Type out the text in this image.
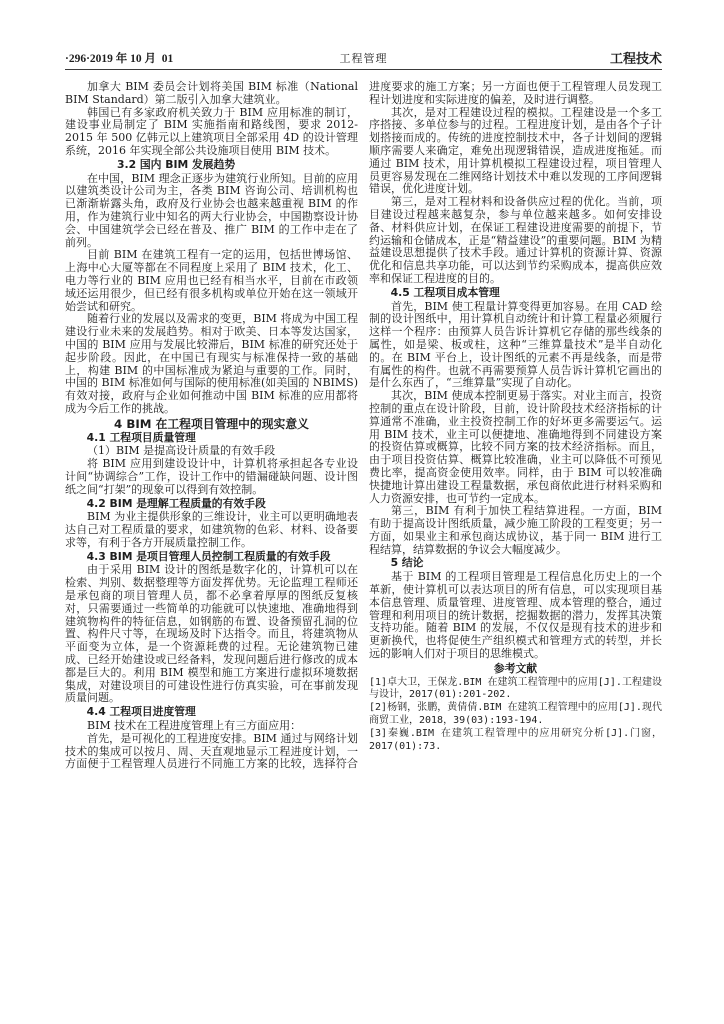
·296·2019 年 10 月  01	工程管理	工程技术

加拿大 BIM 委员会计划将美国 BIM 标准（National BIM Standard）第二版引入加拿大建筑业。

韩国已有多家政府机关致力于 BIM 应用标准的制订，建设事业局制定了 BIM 实施指南和路线图，要求 2012-2015 年 500 亿韩元以上建筑项目全部采用 4D 的设计管理系统，2016 年实现全部公共设施项目使用 BIM 技术。

3.2 国内 BIM 发展趋势

在中国，BIM 理念正逐步为建筑行业所知。目前的应用以建筑类设计公司为主，各类 BIM 咨询公司、培训机构也已渐渐崭露头角，政府及行业协会也越来越重视 BIM 的作用，作为建筑行业中知名的两大行业协会，中国勘察设计协会、中国建筑学会已经在普及、推广 BIM 的工作中走在了前列。

目前 BIM 在建筑工程有一定的运用，包括世博场馆、上海中心大厦等都在不同程度上采用了 BIM 技术，化工、电力等行业的 BIM 应用也已经有相当水平，目前在市政领域还运用很少，但已经有很多机构或单位开始在这一领域开始尝试和研究。

随着行业的发展以及需求的变更，BIM 将成为中国工程建设行业未来的发展趋势。相对于欧美、日本等发达国家，中国的 BIM 应用与发展比较滞后，BIM 标准的研究还处于起步阶段。因此，在中国已有现实与标准保持一致的基础上，构建 BIM 的中国标准成为紧迫与重要的工作。同时，中国的 BIM 标准如何与国际的使用标准(如美国的 NBIMS)有效对接，政府与企业如何推动中国 BIM 标准的应用都将成为今后工作的挑战。

4 BIM 在工程项目管理中的现实意义
4.1 工程项目质量管理
（1）BIM 是提高设计质量的有效手段

将 BIM 应用到建设设计中，计算机将承担起各专业设计间“协调综合”工作，设计工作中的错漏碰缺问题、设计图纸之间“打架”的现象可以得到有效控制。

4.2 BIM 是理解工程质量的有效手段

BIM 为业主提供形象的三维设计，业主可以更明确地表达自己对工程质量的要求，如建筑物的色彩、材料、设备要求等，有利于各方开展质量控制工作。

4.3 BIM 是项目管理人员控制工程质量的有效手段

由于采用 BIM 设计的图纸是数字化的，计算机可以在检索、判别、数据整理等方面发挥优势。无论监理工程师还是承包商的项目管理人员，都不必拿着厚厚的图纸反复核对，只需要通过一些简单的功能就可以快速地、准确地得到建筑物构件的特征信息，如钢筋的布置、设备预留孔洞的位置、构件尺寸等，在现场及时下达指令。而且，将建筑物从平面变为立体，是一个资源耗费的过程。无论建筑物已建成、已经开始建设或已经备料，发现问题后进行修改的成本都是巨大的。利用 BIM 模型和施工方案进行虚拟环境数据集成，对建设项目的可建设性进行仿真实验，可在事前发现质量问题。

4.4 工程项目进度管理

BIM 技术在工程进度管理上有三方面应用：

首先，是可视化的工程进度安排。BIM 通过与网络计划技术的集成可以按月、周、天直观地显示工程进度计划，一方面便于工程管理人员进行不同施工方案的比较，选择符合

进度要求的施工方案；另一方面也便于工程管理人员发现工程计划进度和实际进度的偏差，及时进行调整。

其次，是对工程建设过程的模拟。工程建设是一个多工序搭接、多单位参与的过程。工程进度计划，是由各个子计划搭接而成的。传统的进度控制技术中，各子计划间的逻辑顺序需要人来确定，难免出现逻辑错误，造成进度拖延。而通过 BIM 技术，用计算机模拟工程建设过程，项目管理人员更容易发现在二维网络计划技术中难以发现的工序间逻辑错误，优化进度计划。

第三，是对工程材料和设备供应过程的优化。当前，项目建设过程越来越复杂，参与单位越来越多。如何安排设备、材料供应计划，在保证工程建设进度需要的前提下，节约运输和仓储成本，正是“精益建设”的重要问题。BIM 为精益建设思想提供了技术手段。通过计算机的资源计算、资源优化和信息共享功能，可以达到节约采购成本，提高供应效率和保证工程进度的目的。

4.5 工程项目成本管理

首先，BIM 使工程量计算变得更加容易。在用 CAD 绘制的设计图纸中，用计算机自动统计和计算工程量必须履行这样一个程序：由预算人员告诉计算机它存储的那些线条的属性，如是梁、板或柱，这种“三维算量技术”是半自动化的。在 BIM 平台上，设计图纸的元素不再是线条，而是带有属性的构件。也就不再需要预算人员告诉计算机它画出的是什么东西了，“三维算量”实现了自动化。

其次，BIM 使成本控制更易于落实。对业主而言，投资控制的重点在设计阶段，目前，设计阶段技术经济指标的计算通常不准确，业主投资控制工作的好坏更多需要运气。运用 BIM 技术，业主可以便捷地、准确地得到不同建设方案的投资估算或概算，比较不同方案的技术经济指标。而且，由于项目投资估算、概算比较准确，业主可以降低不可预见费比率，提高资金使用效率。同样，由于 BIM 可以较准确快捷地计算出建设工程量数据，承包商依此进行材料采购和人力资源安排，也可节约一定成本。

第三，BIM 有利于加快工程结算进程。一方面，BIM 有助于提高设计图纸质量，减少施工阶段的工程变更；另一方面，如果业主和承包商达成协议，基于同一 BIM 进行工程结算，结算数据的争议会大幅度减少。

5 结论

基于 BIM 的工程项目管理是工程信息化历史上的一个革新，使计算机可以表达项目的所有信息，可以实现项目基本信息管理、质量管理、进度管理、成本管理的整合，通过管理和利用项目的统计数据，挖掘数据的潜力，发挥其决策支持功能。随着 BIM 的发展，不仅仅是现有技术的进步和更新换代，也将促使生产组织模式和管理方式的转型，并长远的影响人们对于项目的思维模式。

参考文献

[1]卓大卫，王保龙.BIM 在建筑工程管理中的应用[J].工程建设与设计，2017(01):201-202.

[2]杨钢，张鹏，黄倩倩.BIM 在建筑工程管理中的应用[J].现代商贸工业，2018，39(03):193-194.

[3]秦巍.BIM 在建筑工程管理中的应用研究分析[J].门窗，2017(01):73.
